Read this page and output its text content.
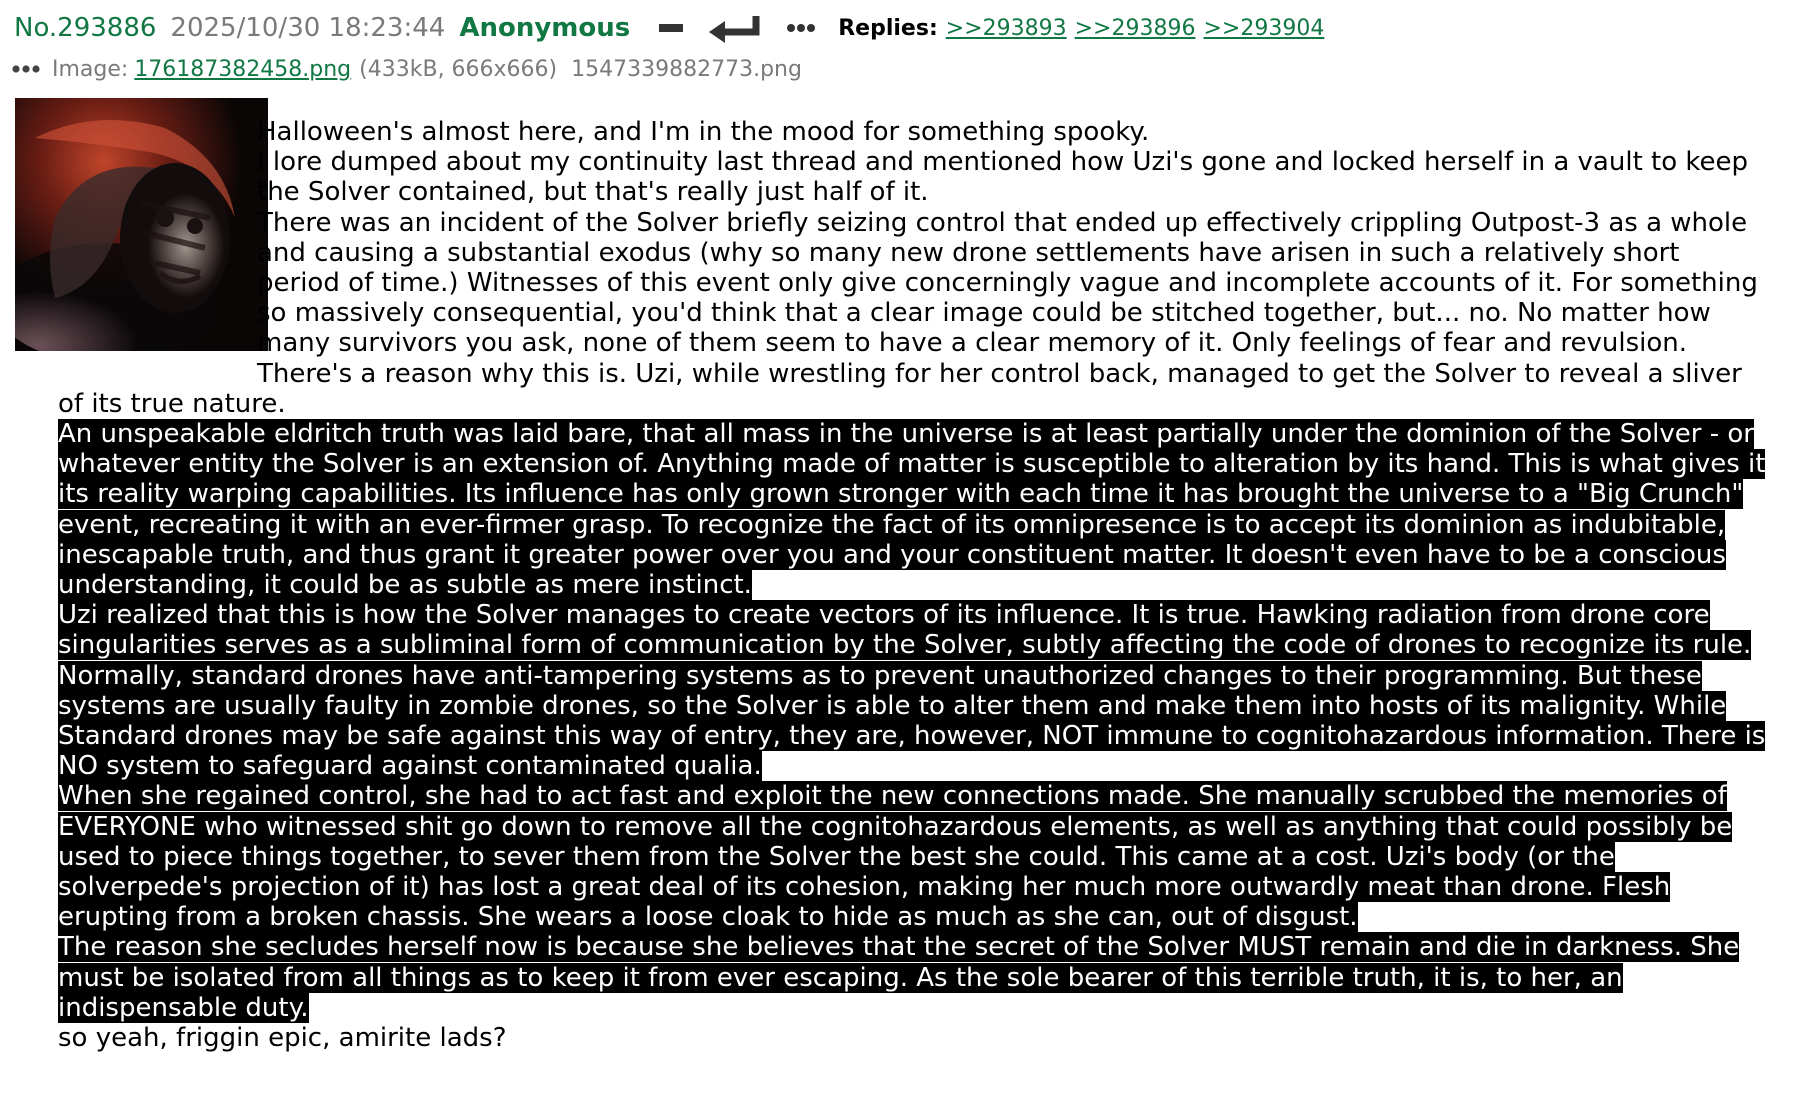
No.293886 2025/10/30 18:23:44 Anonymous	Replies: >>293893 >>293896 >>293904
Image: 176187382458.png (433kB, 666x666) 1547339882773.png
Halloween's almost here, and I'm in the mood for something spooky.
I lore dumped about my continuity last thread and mentioned how Uzi's gone and locked herself in a vault to keep the Solver contained, but that's really just half of it.
There was an incident of the Solver briefly seizing control that ended up effectively crippling Outpost-3 as a whole and causing a substantial exodus (why so many new drone settlements have arisen in such a relatively short period of time.) Witnesses of this event only give concerningly vague and incomplete accounts of it. For something so massively consequential, you'd think that a clear image could be stitched together, but... no. No matter how many survivors you ask, none of them seem to have a clear memory of it. Only feelings of fear and revulsion.
There's a reason why this is. Uzi, while wrestling for her control back, managed to get the Solver to reveal a sliver of its true nature.
An unspeakable eldritch truth was laid bare, that all mass in the universe is at least partially under the dominion of the Solver - or whatever entity the Solver is an extension of. Anything made of matter is susceptible to alteration by its hand. This is what gives it its reality warping capabilities. Its influence has only grown stronger with each time it has brought the universe to a "Big Crunch" event, recreating it with an ever-firmer grasp. To recognize the fact of its omnipresence is to accept its dominion as indubitable, inescapable truth, and thus grant it greater power over you and your constituent matter. It doesn't even have to be a conscious understanding, it could be as subtle as mere instinct.
Uzi realized that this is how the Solver manages to create vectors of its influence. It is true. Hawking radiation from drone core singularities serves as a subliminal form of communication by the Solver, subtly affecting the code of drones to recognize its rule. Normally, standard drones have anti-tampering systems as to prevent unauthorized changes to their programming. But these systems are usually faulty in zombie drones, so the Solver is able to alter them and make them into hosts of its malignity. While Standard drones may be safe against this way of entry, they are, however, NOT immune to cognitohazardous information. There is NO system to safeguard against contaminated qualia.
When she regained control, she had to act fast and exploit the new connections made. She manually scrubbed the memories of EVERYONE who witnessed shit go down to remove all the cognitohazardous elements, as well as anything that could possibly be used to piece things together, to sever them from the Solver the best she could. This came at a cost. Uzi's body (or the solverpede's projection of it) has lost a great deal of its cohesion, making her much more outwardly meat than drone. Flesh erupting from a broken chassis. She wears a loose cloak to hide as much as she can, out of disgust.
The reason she secludes herself now is because she believes that the secret of the Solver MUST remain and die in darkness. She must be isolated from all things as to keep it from ever escaping. As the sole bearer of this terrible truth, it is, to her, an indispensable duty.
so yeah, friggin epic, amirite lads?
